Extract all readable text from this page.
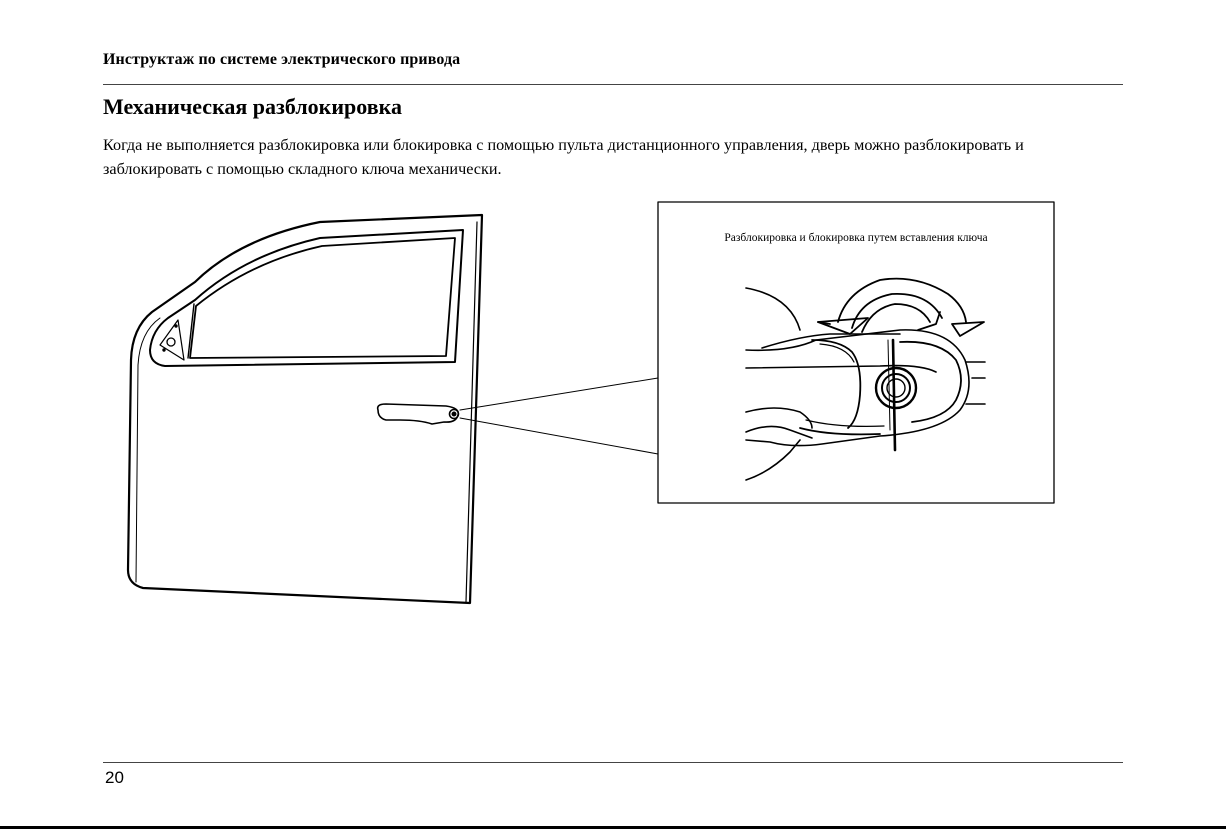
Инструктаж по системе электрического привода
Механическая разблокировка
Когда не выполняется разблокировка или блокировка с помощью пульта дистанционного управления, дверь можно разблокировать и заблокировать с помощью складного ключа механически.
Разблокировка и блокировка путем вставления ключа
20
